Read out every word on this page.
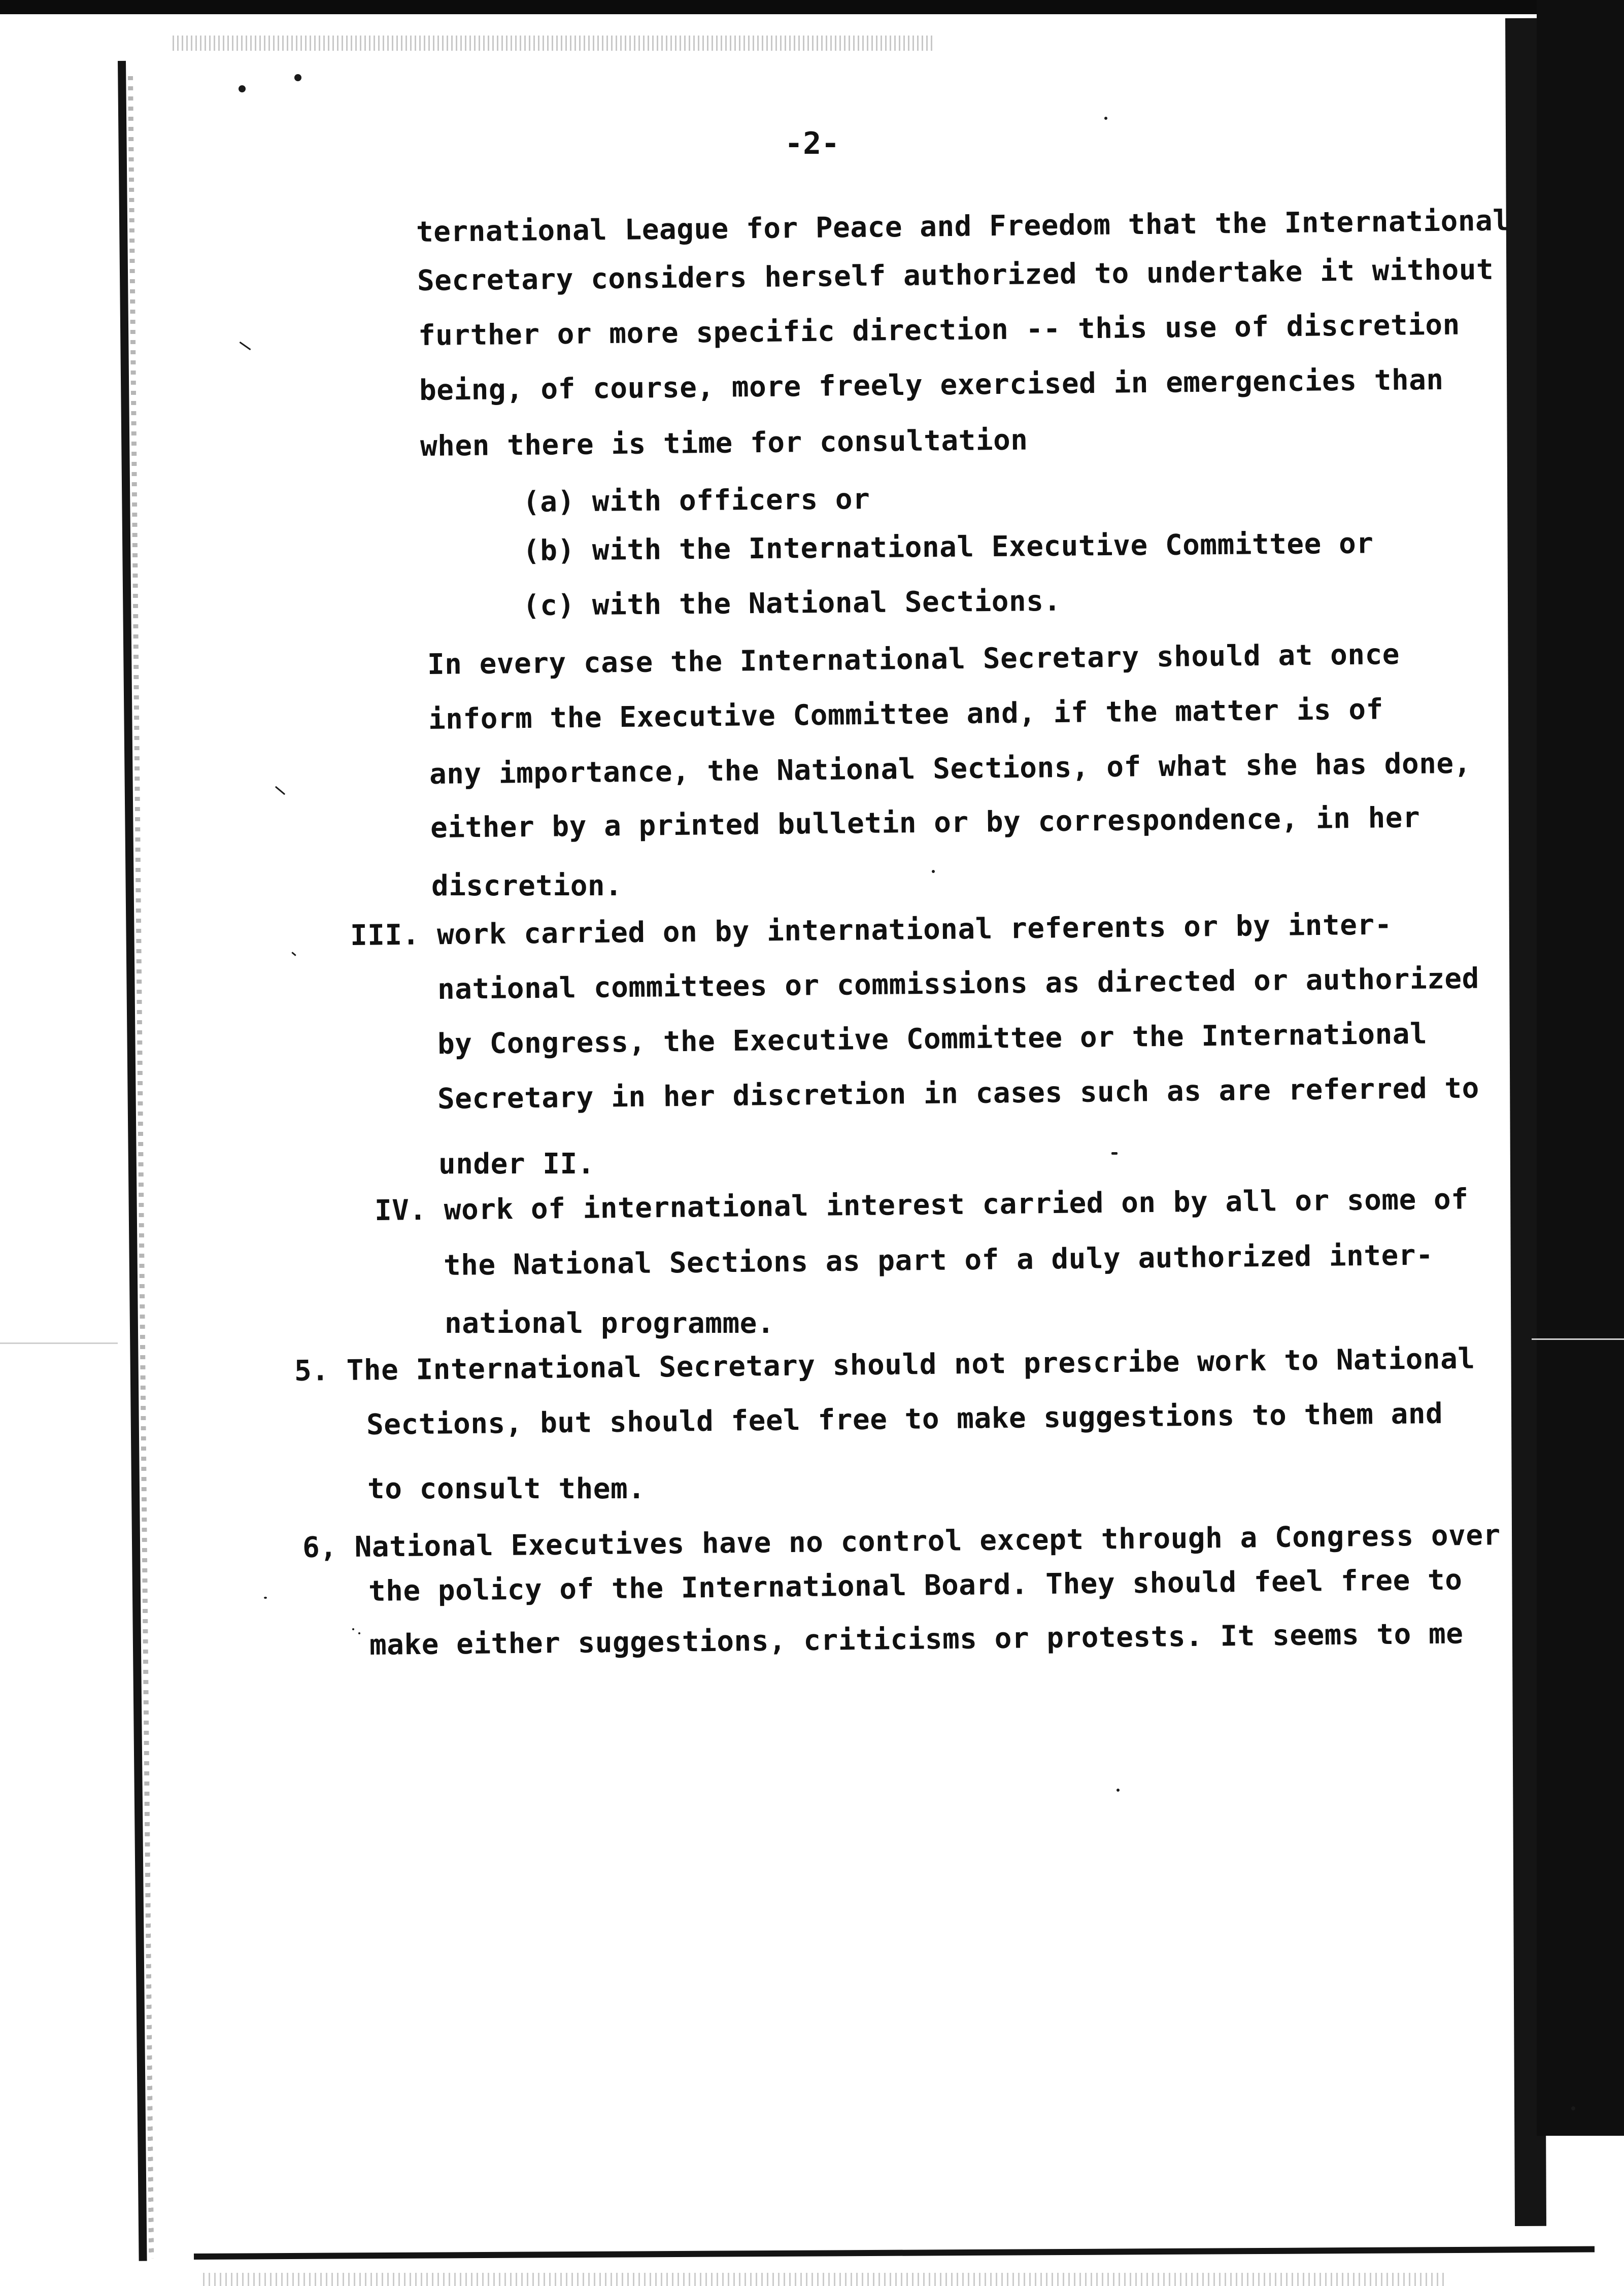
-2-
ternational League for Peace and Freedom that the International
Secretary considers herself authorized to undertake it without
further or more specific direction -- this use of discretion
being, of course, more freely exercised in emergencies than
when there is time for consultation
(a) with officers or
(b) with the International Executive Committee or
(c) with the National Sections.
In every case the International Secretary should at once
inform the Executive Committee and, if the matter is of
any importance, the National Sections, of what she has done,
either by a printed bulletin or by correspondence, in her
discretion.
III. work carried on by international referents or by inter-
national committees or commissions as directed or authorized
by Congress, the Executive Committee or the International
Secretary in her discretion in cases such as are referred to
under II.
IV. work of international interest carried on by all or some of
the National Sections as part of a duly authorized inter-
national programme.
5. The International Secretary should not prescribe work to National
Sections, but should feel free to make suggestions to them and
to consult them.
6, National Executives have no control except through a Congress over
the policy of the International Board. They should feel free to
make either suggestions, criticisms or protests. It seems to me
